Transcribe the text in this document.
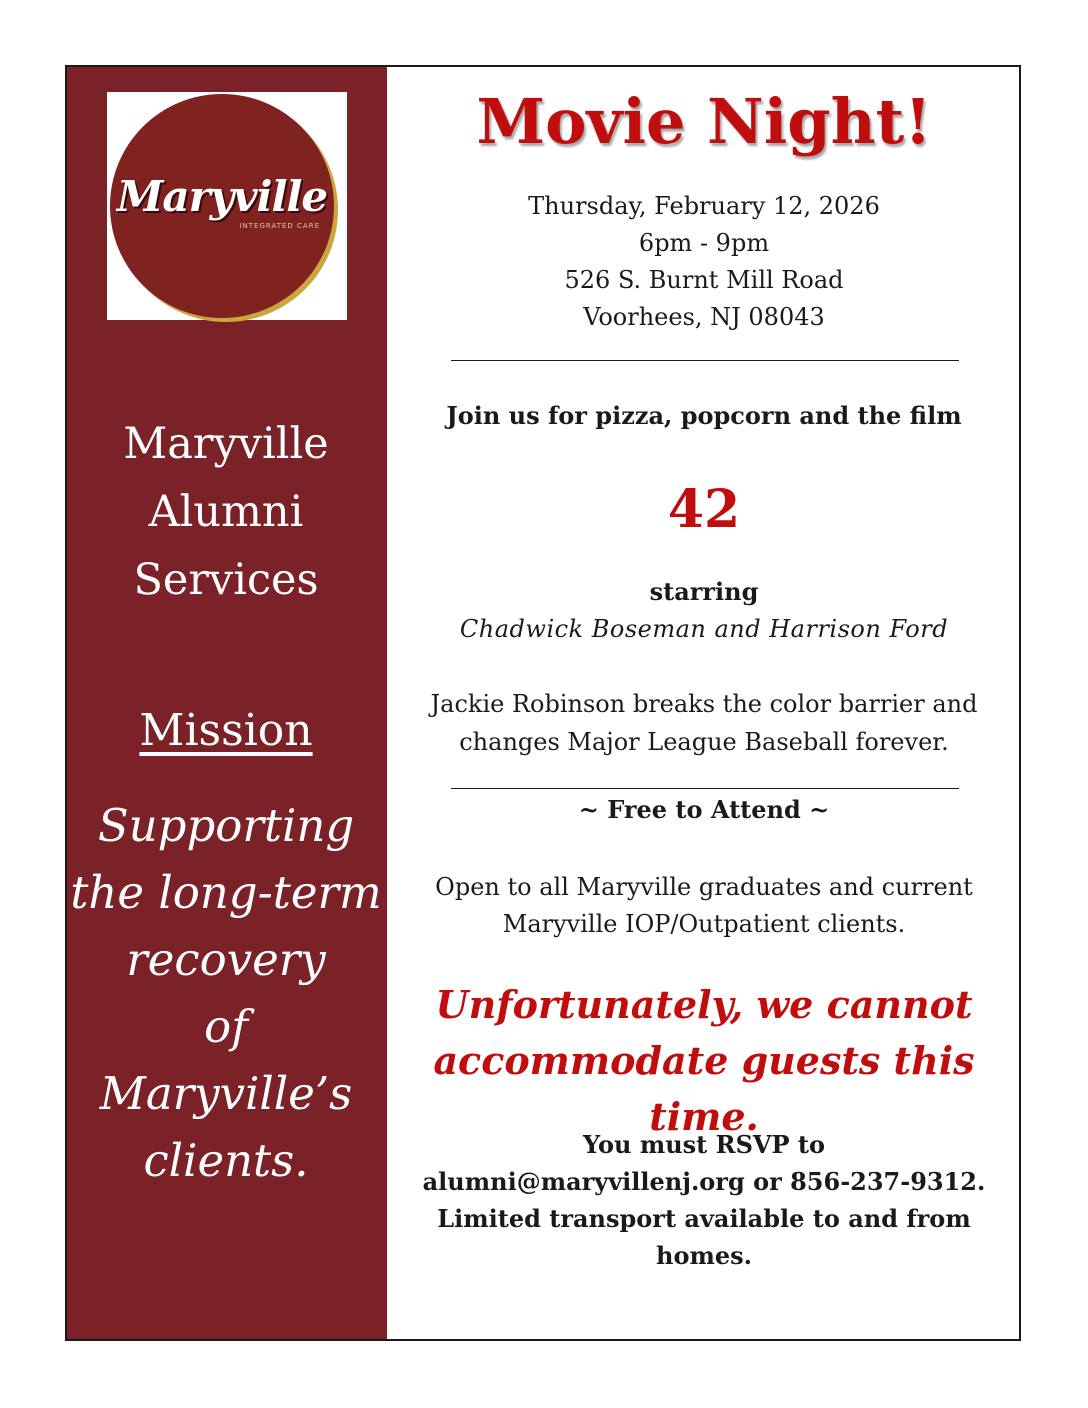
Maryville
INTEGRATED CARE
Maryville
Alumni
Services
Mission
Supporting
the long-term
recovery
of
Maryville’s
clients.
Movie Night!
Thursday, February 12, 2026
6pm - 9pm
526 S. Burnt Mill Road
Voorhees, NJ 08043
Join us for pizza, popcorn and the film
42
starring
Chadwick Boseman and Harrison Ford
Jackie Robinson breaks the color barrier and
changes Major League Baseball forever.
~ Free to Attend ~
Open to all Maryville graduates and current
Maryville IOP/Outpatient clients.
Unfortunately, we cannot
accommodate guests this time.
You must RSVP to
alumni@maryvillenj.org or 856-237-9312.
Limited transport available to and from homes.
